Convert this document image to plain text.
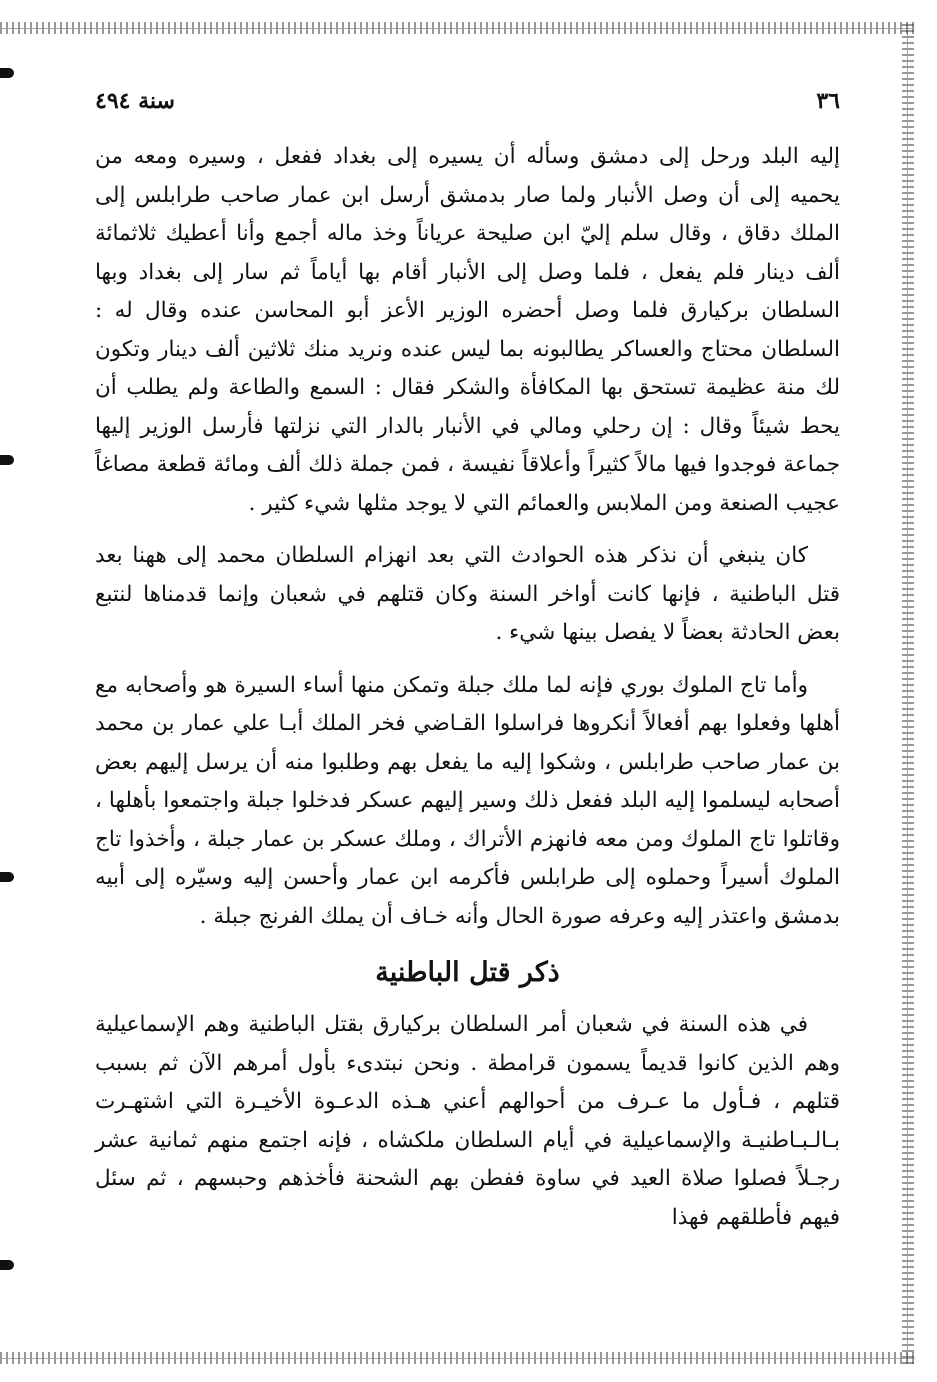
٣٦
سنة ٤٩٤

إليه البلد ورحل إلى دمشق وسأله أن يسيره إلى بغداد ففعل ، وسيره ومعه من يحميه إلى أن وصل الأنبار ولما صار بدمشق أرسل ابن عمار صاحب طرابلس إلى الملك دقاق ، وقال سلم إليّ ابن صليحة عرياناً وخذ ماله أجمع وأنا أعطيك ثلاثمائة ألف دينار فلم يفعل ، فلما وصل إلى الأنبار أقام بها أياماً ثم سار إلى بغداد وبها السلطان بركيارق فلما وصل أحضره الوزير الأعز أبو المحاسن عنده وقال له : السلطان محتاج والعساكر يطالبونه بما ليس عنده ونريد منك ثلاثين ألف دينار وتكون لك منة عظيمة تستحق بها المكافأة والشكر فقال : السمع والطاعة ولم يطلب أن يحط شيئاً وقال : إن رحلي ومالي في الأنبار بالدار التي نزلتها فأرسل الوزير إليها جماعة فوجدوا فيها مالاً كثيراً وأعلاقاً نفيسة ، فمن جملة ذلك ألف ومائة قطعة مصاغاً عجيب الصنعة ومن الملابس والعمائم التي لا يوجد مثلها شيء كثير .

كان ينبغي أن نذكر هذه الحوادث التي بعد انهزام السلطان محمد إلى ههنا بعد قتل الباطنية ، فإنها كانت أواخر السنة وكان قتلهم في شعبان وإنما قدمناها لنتبع بعض الحادثة بعضاً لا يفصل بينها شيء .

وأما تاج الملوك بوري فإنه لما ملك جبلة وتمكن منها أساء السيرة هو وأصحابه مع أهلها وفعلوا بهم أفعالاً أنكروها فراسلوا القـاضي فخر الملك أبـا علي عمار بن محمد بن عمار صاحب طرابلس ، وشكوا إليه ما يفعل بهم وطلبوا منه أن يرسل إليهم بعض أصحابه ليسلموا إليه البلد ففعل ذلك وسير إليهم عسكر فدخلوا جبلة واجتمعوا بأهلها ، وقاتلوا تاج الملوك ومن معه فانهزم الأتراك ، وملك عسكر بن عمار جبلة ، وأخذوا تاج الملوك أسيراً وحملوه إلى طرابلس فأكرمه ابن عمار وأحسن إليه وسيّره إلى أبيه بدمشق واعتذر إليه وعرفه صورة الحال وأنه خـاف أن يملك الفرنج جبلة .

ذكر قتل الباطنية

في هذه السنة في شعبان أمر السلطان بركيارق بقتل الباطنية وهم الإسماعيلية وهم الذين كانوا قديماً يسمون قرامطة . ونحن نبتدىء بأول أمرهم الآن ثم بسبب قتلهم ، فـأول ما عـرف من أحوالهم أعني هـذه الدعـوة الأخيـرة التي اشتهـرت بـالـبـاطنيـة والإسماعيلية في أيام السلطان ملكشاه ، فإنه اجتمع منهم ثمانية عشر رجـلاً فصلوا صلاة العيد في ساوة ففطن بهم الشحنة فأخذهم وحبسهم ، ثم سئل فيهم فأطلقهم فهذا
